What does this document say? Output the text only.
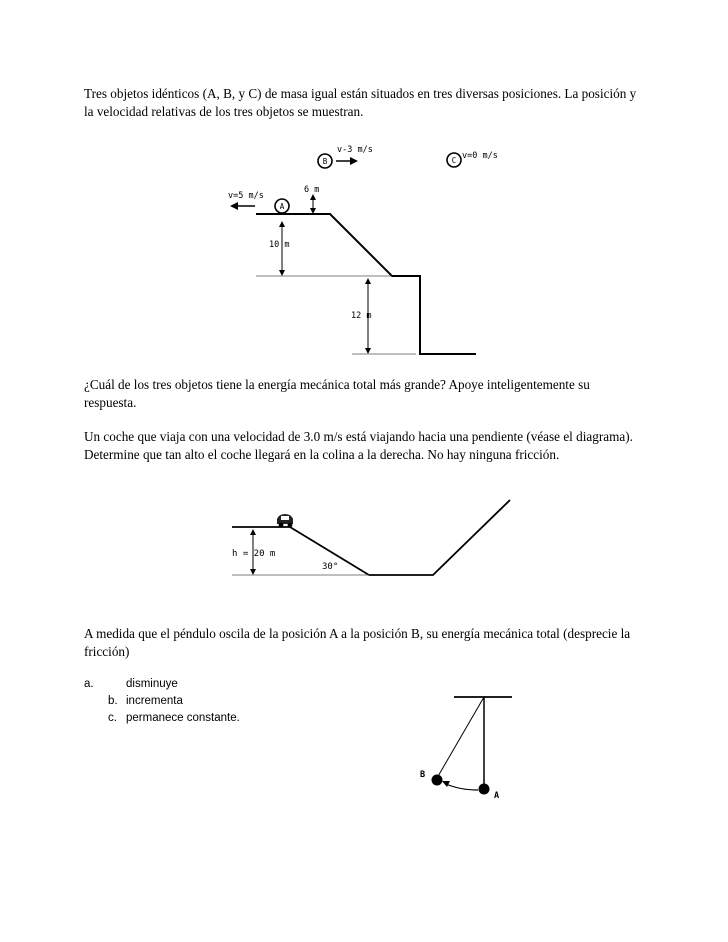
Tres objetos idénticos (A, B, y C) de masa igual están situados en tres diversas posiciones. La posición y la velocidad relativas de los tres objetos se muestran.

A
B	C
v=5 m/s
v-3 m/s
v=0 m/s
6 m
10 m
12 m

¿Cuál de los tres objetos tiene la energía mecánica total más grande? Apoye inteligentemente su respuesta.

Un coche que viaja con una velocidad de 3.0 m/s está viajando hacia una pendiente (véase el diagrama). Determine que tan alto el coche llegará en la colina a la derecha. No hay ninguna fricción.

h = 20 m
30°

A medida que el péndulo oscila de la posición A a la posición B, su energía mecánica total (desprecie la fricción)

a.	disminuye
b. incrementa
c. permanece constante.
A
B
